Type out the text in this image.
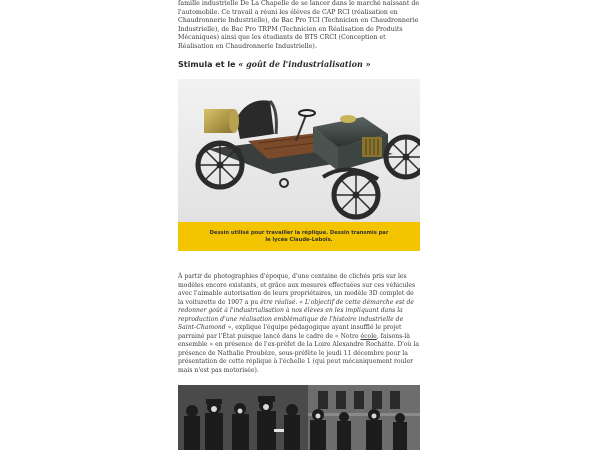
famille industrielle De La Chapelle de se lancer dans le marché naissant de l'automobile. Ce travail a réuni les élèves de CAP RCI (réalisation en Chaudronnerie Industrielle), de Bac Pro TCI (Technicien en Chaudronnerie Industrielle), de Bac Pro TRPM (Technicien en Réalisation de Produits Mécaniques) ainsi que les étudiants de BTS CRCI (Conception et Réalisation en Chaudronnerie Industrielle).

Stimula et le « goût de l'industrialisation »
Dessin utilisé pour travailler la réplique. Dessin transmis par le lycée Claude-Lebois.

À partir de photographies d'époque, d'une centaine de clichés pris sur les modèles encore existants, et grâce aux mesures effectuées sur ces véhicules avec l'aimable autorisation de leurs propriétaires, un modèle 3D complet de la voiturette de 1907 a pu être réalisé. « L'objectif de cette démarche est de redonner goût à l'industrialisation à nos élèves en les impliquant dans la reproduction d'une réalisation emblématique de l'histoire industrielle de Saint-Chamond », explique l'équipe pédagogique ayant insufflé le projet parrainé par l'État puisque lancé dans le cadre de « Notre école, faisons-là ensemble » en présence de l'ex-préfet de la Loire Alexandre Rochatte. D'où la présence de Nathalie Proubèze, sous-préfète le jeudi 11 décembre pour la présentation de cette réplique à l'échelle 1 (qui peut mécaniquement rouler mais n'est pas motorisée).
